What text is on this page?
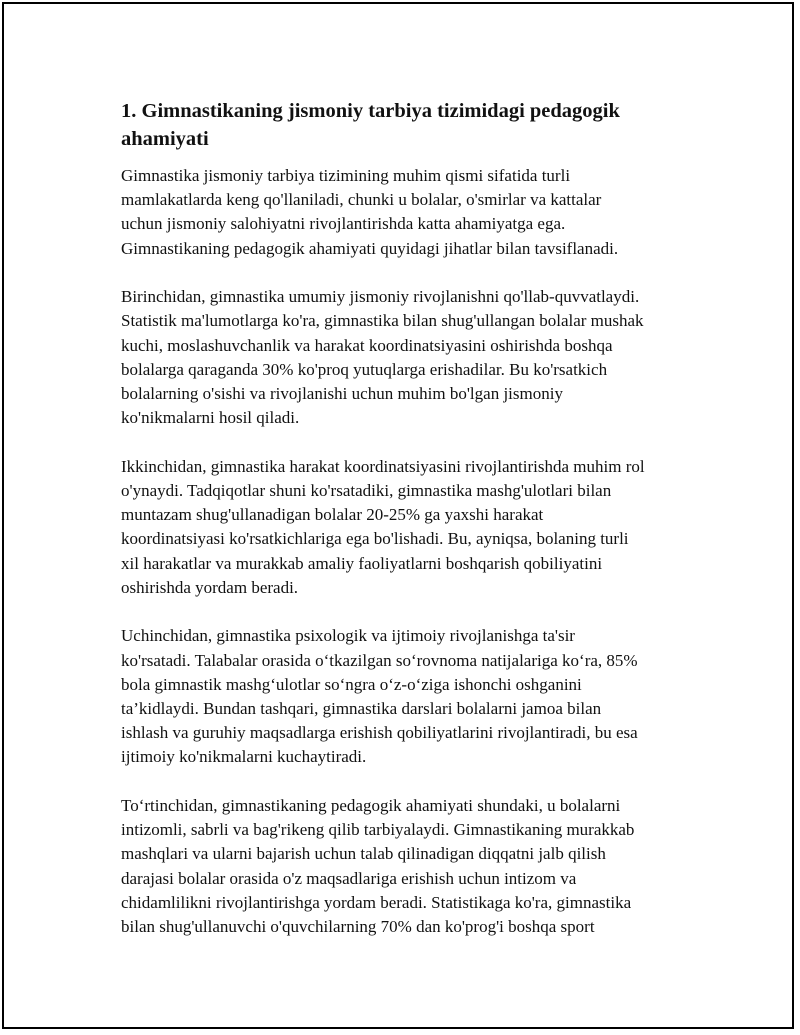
1. Gimnastikaning jismoniy tarbiya tizimidagi pedagogik
ahamiyati
Gimnastika jismoniy tarbiya tizimining muhim qismi sifatida turli
mamlakatlarda keng qo'llaniladi, chunki u bolalar, o'smirlar va kattalar
uchun jismoniy salohiyatni rivojlantirishda katta ahamiyatga ega.
Gimnastikaning pedagogik ahamiyati quyidagi jihatlar bilan tavsiflanadi.
Birinchidan, gimnastika umumiy jismoniy rivojlanishni qo'llab-quvvatlaydi.
Statistik ma'lumotlarga ko'ra, gimnastika bilan shug'ullangan bolalar mushak
kuchi, moslashuvchanlik va harakat koordinatsiyasini oshirishda boshqa
bolalarga qaraganda 30% ko'proq yutuqlarga erishadilar. Bu ko'rsatkich
bolalarning o'sishi va rivojlanishi uchun muhim bo'lgan jismoniy
ko'nikmalarni hosil qiladi.
Ikkinchidan, gimnastika harakat koordinatsiyasini rivojlantirishda muhim rol
o'ynaydi. Tadqiqotlar shuni ko'rsatadiki, gimnastika mashg'ulotlari bilan
muntazam shug'ullanadigan bolalar 20-25% ga yaxshi harakat
koordinatsiyasi ko'rsatkichlariga ega bo'lishadi. Bu, ayniqsa, bolaning turli
xil harakatlar va murakkab amaliy faoliyatlarni boshqarish qobiliyatini
oshirishda yordam beradi.
Uchinchidan, gimnastika psixologik va ijtimoiy rivojlanishga ta'sir
ko'rsatadi. Talabalar orasida o‘tkazilgan so‘rovnoma natijalariga ko‘ra, 85%
bola gimnastik mashg‘ulotlar so‘ngra o‘z-o‘ziga ishonchi oshganini
ta’kidlaydi. Bundan tashqari, gimnastika darslari bolalarni jamoa bilan
ishlash va guruhiy maqsadlarga erishish qobiliyatlarini rivojlantiradi, bu esa
ijtimoiy ko'nikmalarni kuchaytiradi.
To‘rtinchidan, gimnastikaning pedagogik ahamiyati shundaki, u bolalarni
intizomli, sabrli va bag'rikeng qilib tarbiyalaydi. Gimnastikaning murakkab
mashqlari va ularni bajarish uchun talab qilinadigan diqqatni jalb qilish
darajasi bolalar orasida o'z maqsadlariga erishish uchun intizom va
chidamlilikni rivojlantirishga yordam beradi. Statistikaga ko'ra, gimnastika
bilan shug'ullanuvchi o'quvchilarning 70% dan ko'prog'i boshqa sport
